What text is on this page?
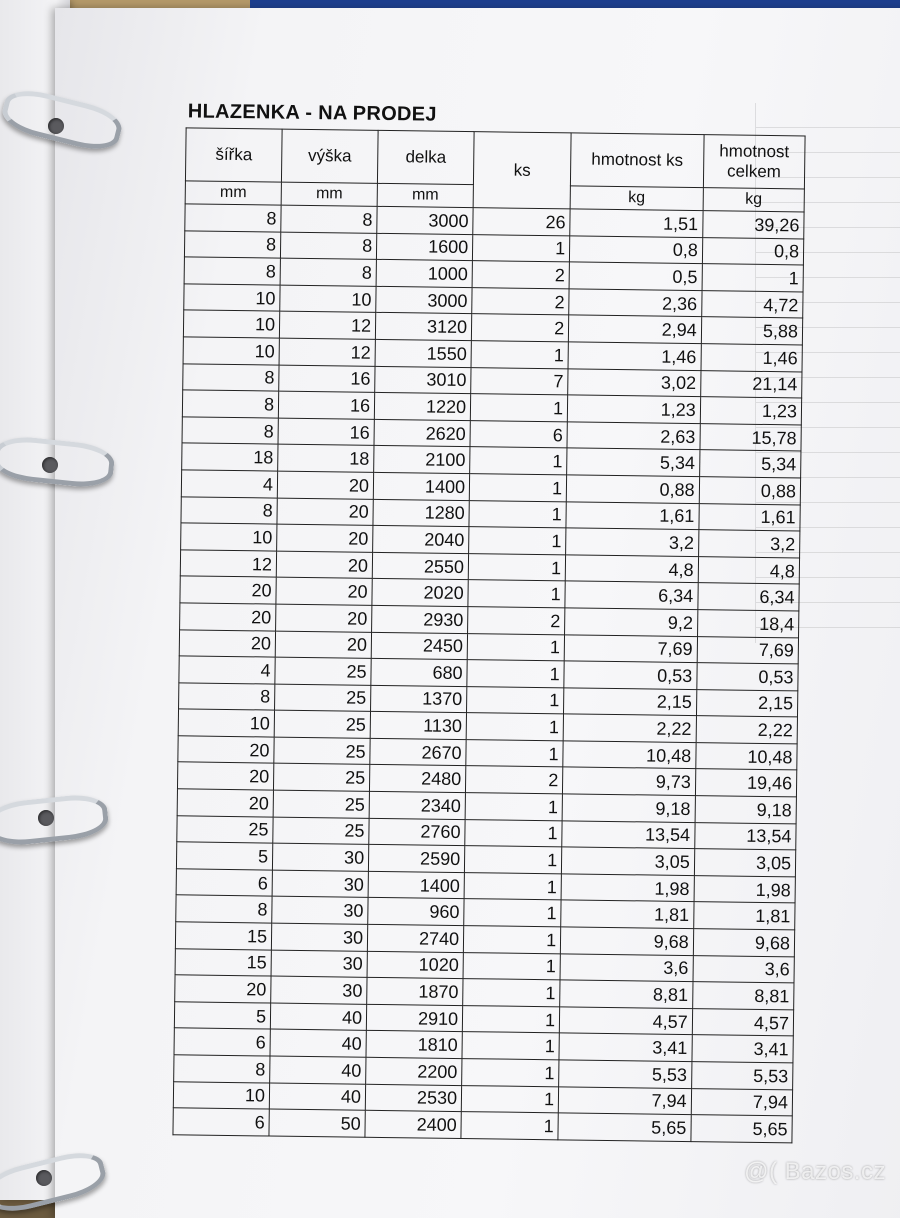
HLAZENKA - NA PRODEJ
šířka	výška	delka	ks	hmotnost ks	hmotnost celkem
mm	mm	mm		kg	kg
8	8	3000	26	1,51	39,26
8	8	1600	1	0,8	0,8
8	8	1000	2	0,5	1
10	10	3000	2	2,36	4,72
10	12	3120	2	2,94	5,88
10	12	1550	1	1,46	1,46
8	16	3010	7	3,02	21,14
8	16	1220	1	1,23	1,23
8	16	2620	6	2,63	15,78
18	18	2100	1	5,34	5,34
4	20	1400	1	0,88	0,88
8	20	1280	1	1,61	1,61
10	20	2040	1	3,2	3,2
12	20	2550	1	4,8	4,8
20	20	2020	1	6,34	6,34
20	20	2930	2	9,2	18,4
20	20	2450	1	7,69	7,69
4	25	680	1	0,53	0,53
8	25	1370	1	2,15	2,15
10	25	1130	1	2,22	2,22
20	25	2670	1	10,48	10,48
20	25	2480	2	9,73	19,46
20	25	2340	1	9,18	9,18
25	25	2760	1	13,54	13,54
5	30	2590	1	3,05	3,05
6	30	1400	1	1,98	1,98
8	30	960	1	1,81	1,81
15	30	2740	1	9,68	9,68
15	30	1020	1	3,6	3,6
20	30	1870	1	8,81	8,81
5	40	2910	1	4,57	4,57
6	40	1810	1	3,41	3,41
8	40	2200	1	5,53	5,53
10	40	2530	1	7,94	7,94
6	50	2400	1	5,65	5,65
@( Bazos.cz
